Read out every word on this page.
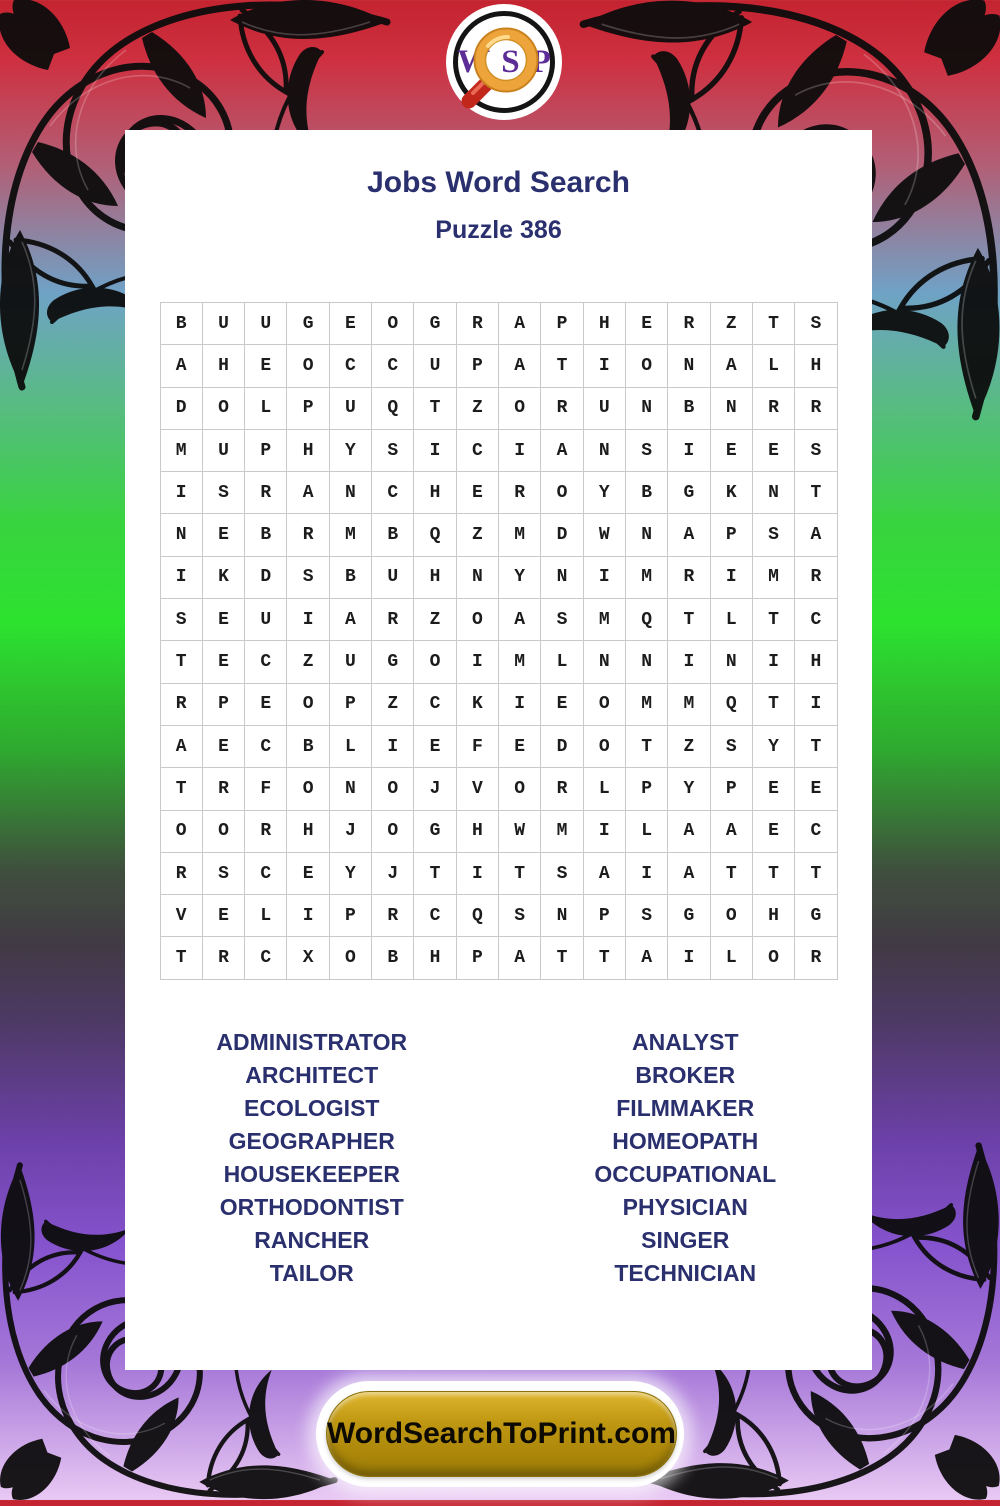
W S P
Jobs Word Search
Puzzle 386
B	U	U	G	E	O	G	R	A	P	H	E	R	Z	T	S
A	H	E	O	C	C	U	P	A	T	I	O	N	A	L	H
D	O	L	P	U	Q	T	Z	O	R	U	N	B	N	R	R
M	U	P	H	Y	S	I	C	I	A	N	S	I	E	E	S
I	S	R	A	N	C	H	E	R	O	Y	B	G	K	N	T
N	E	B	R	M	B	Q	Z	M	D	W	N	A	P	S	A
I	K	D	S	B	U	H	N	Y	N	I	M	R	I	M	R
S	E	U	I	A	R	Z	O	A	S	M	Q	T	L	T	C
T	E	C	Z	U	G	O	I	M	L	N	N	I	N	I	H
R	P	E	O	P	Z	C	K	I	E	O	M	M	Q	T	I
A	E	C	B	L	I	E	F	E	D	O	T	Z	S	Y	T
T	R	F	O	N	O	J	V	O	R	L	P	Y	P	E	E
O	O	R	H	J	O	G	H	W	M	I	L	A	A	E	C
R	S	C	E	Y	J	T	I	T	S	A	I	A	T	T	T
V	E	L	I	P	R	C	Q	S	N	P	S	G	O	H	G
T	R	C	X	O	B	H	P	A	T	T	A	I	L	O	R
ADMINISTRATOR
ARCHITECT
ECOLOGIST
GEOGRAPHER
HOUSEKEEPER
ORTHODONTIST
RANCHER
TAILOR
ANALYST
BROKER
FILMMAKER
HOMEOPATH
OCCUPATIONAL
PHYSICIAN
SINGER
TECHNICIAN
WordSearchToPrint.com
